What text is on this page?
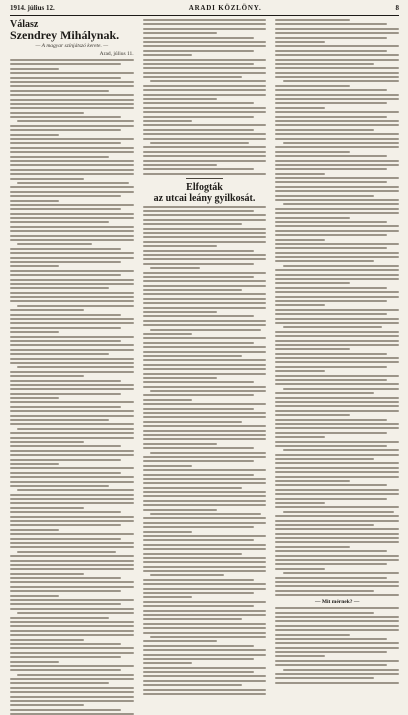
1914. július 12.	ARADI KÖZLÖNY.	8
Válasz
Szendrey Mihálynak.
— A magyar színjátszó kerete. —
Arad, július 11.
Elfogták
az utcai leány gyilkosát.
— Mit mérnek? —
